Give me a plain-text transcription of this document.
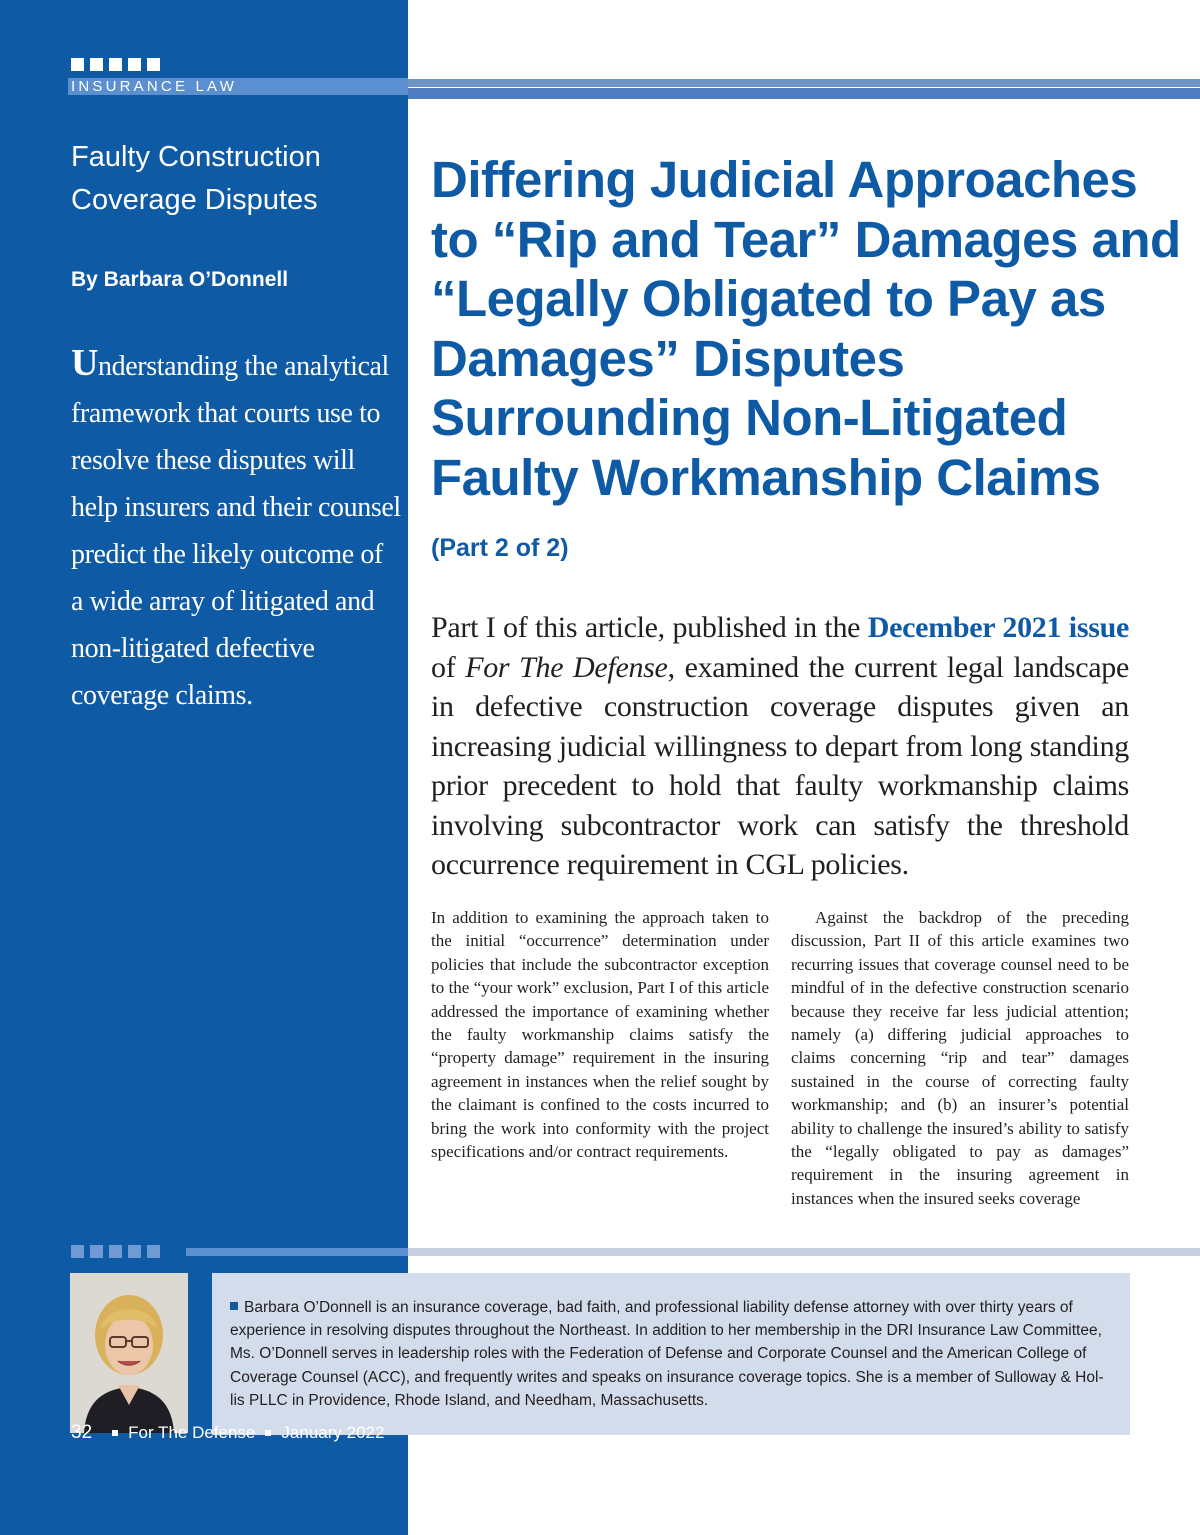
INSURANCE LAW
Faulty Construction Coverage Disputes
By Barbara O’Donnell
Understanding the analytical framework that courts use to resolve these disputes will help insurers and their counsel predict the likely outcome of a wide array of litigated and non-litigated defective coverage claims.
Differing Judicial Approaches to “Rip and Tear” Damages and “Legally Obligated to Pay as Damages” Disputes Surrounding Non-Litigated Faulty Workmanship Claims
(Part 2 of 2)

Part I of this article, published in the December 2021 issue of For The Defense, examined the current legal landscape in defective construction coverage disputes given an increasing judicial willingness to depart from long standing prior precedent to hold that faulty workmanship claims involving subcontractor work can satisfy the threshold occurrence requirement in CGL policies.

In addition to examining the approach taken to the initial “occurrence” determination under policies that include the subcontractor exception to the “your work” exclusion, Part I of this article addressed the importance of examining whether the faulty workmanship claims satisfy the “property damage” requirement in the insuring agreement in instances when the relief sought by the claimant is confined to the costs incurred to bring the work into conformity with the project specifications and/or contract requirements.

Against the backdrop of the preceding discussion, Part II of this article examines two recurring issues that coverage counsel need to be mindful of in the defective construction scenario because they receive far less judicial attention; namely (a) differing judicial approaches to claims concerning “rip and tear” damages sustained in the course of correcting faulty workmanship; and (b) an insurer’s potential ability to challenge the insured’s ability to satisfy the “legally obligated to pay as damages” requirement in the insuring agreement in instances when the insured seeks coverage

Barbara O’Donnell is an insurance coverage, bad faith, and professional liability defense attorney with over thirty years of experience in resolving disputes throughout the Northeast. In addition to her membership in the DRI Insurance Law Committee, Ms. O’Donnell serves in leadership roles with the Federation of Defense and Corporate Counsel and the American College of Coverage Counsel (ACC), and frequently writes and speaks on insurance coverage topics. She is a member of Sulloway & Hollis PLLC in Providence, Rhode Island, and Needham, Massachusetts.

32 For The Defense January 2022
